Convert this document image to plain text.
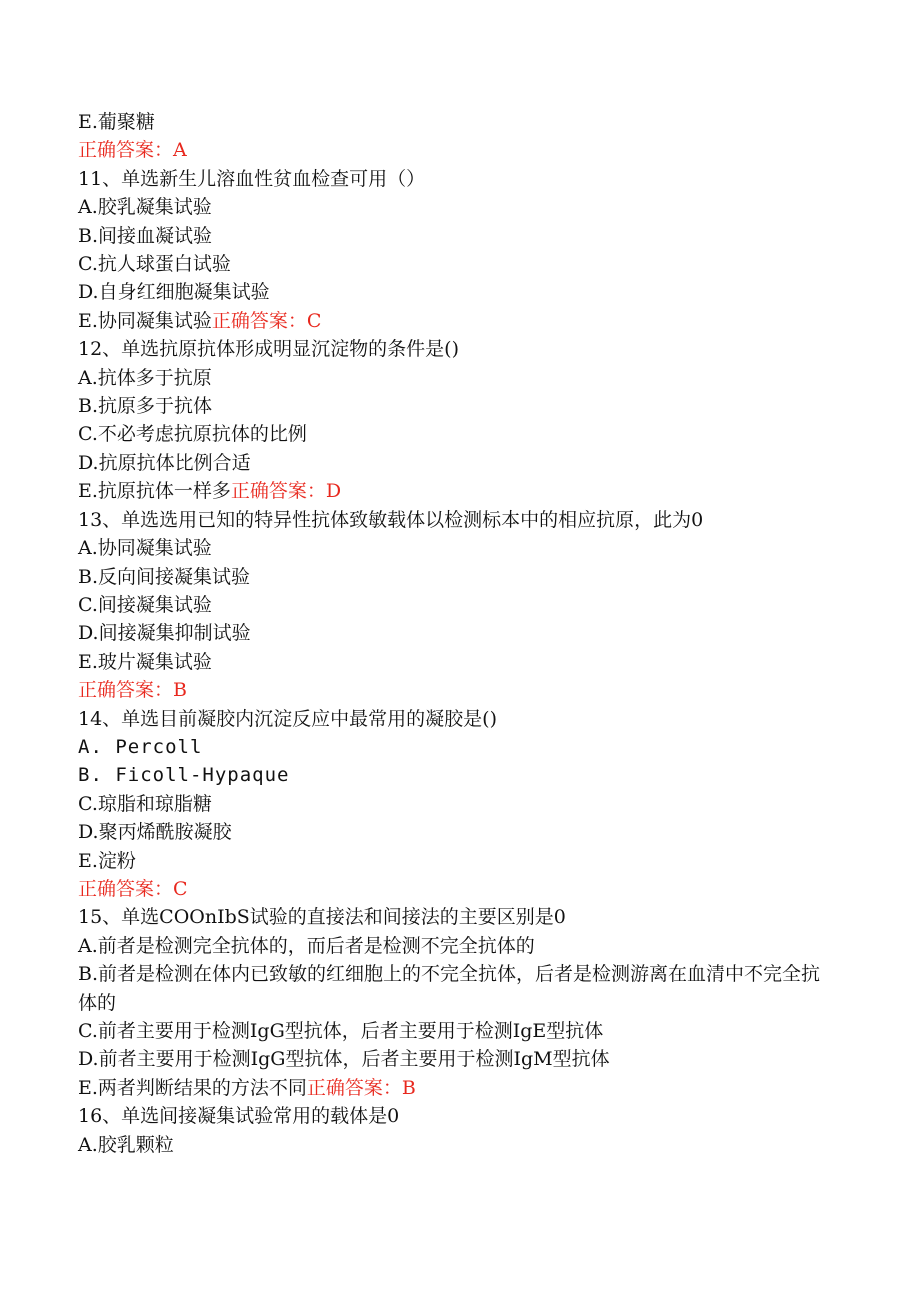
E.葡聚糖
正确答案：A
11、单选新生儿溶血性贫血检查可用（）
A.胶乳凝集试验
B.间接血凝试验
C.抗人球蛋白试验
D.自身红细胞凝集试验
E.协同凝集试验正确答案：C
12、单选抗原抗体形成明显沉淀物的条件是()
A.抗体多于抗原
B.抗原多于抗体
C.不必考虑抗原抗体的比例
D.抗原抗体比例合适
E.抗原抗体一样多正确答案：D
13、单选选用已知的特异性抗体致敏载体以检测标本中的相应抗原，此为0
A.协同凝集试验
B.反向间接凝集试验
C.间接凝集试验
D.间接凝集抑制试验
E.玻片凝集试验
正确答案：B
14、单选目前凝胶内沉淀反应中最常用的凝胶是()
A. Percoll
B. Ficoll-Hypaque
C.琼脂和琼脂糖
D.聚丙烯酰胺凝胶
E.淀粉
正确答案：C
15、单选COOnIbS试验的直接法和间接法的主要区别是0
A.前者是检测完全抗体的，而后者是检测不完全抗体的
B.前者是检测在体内已致敏的红细胞上的不完全抗体，后者是检测游离在血清中不完全抗体的
C.前者主要用于检测IgG型抗体，后者主要用于检测IgE型抗体
D.前者主要用于检测IgG型抗体，后者主要用于检测IgM型抗体
E.两者判断结果的方法不同正确答案：B
16、单选间接凝集试验常用的载体是0
A.胶乳颗粒
